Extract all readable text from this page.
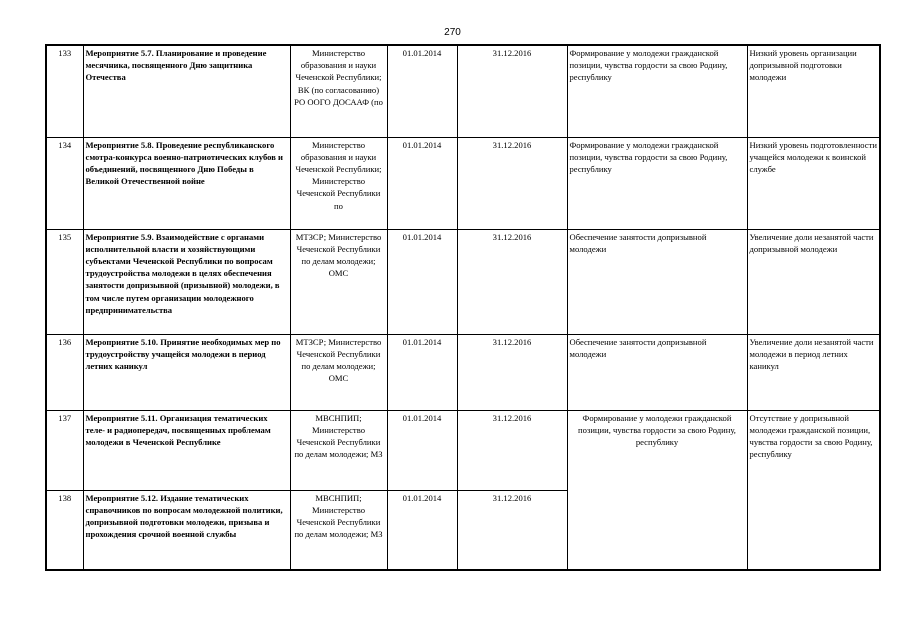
270
133	Мероприятие 5.7. Планирование и проведение месячника, посвященного Дню защитника Отечества	Министерство образования и науки Чеченской Республики; ВК (по согласованию) РО ООГО ДОСААФ (по	01.01.2014	31.12.2016	Формирование у молодежи гражданской позиции, чувства гордости за свою Родину, республику	Низкий уровень организации допризывной подготовки молодежи
134	Мероприятие 5.8. Проведение республиканского смотра-конкурса военно-патриотических клубов и объединений, посвященного Дню Победы в Великой Отечественной войне	Министерство образования и науки Чеченской Республики; Министерство Чеченской Республики по	01.01.2014	31.12.2016	Формирование у молодежи гражданской позиции, чувства гордости за свою Родину, республику	Низкий уровень подготовленности учащейся молодежи к воинской службе
135	Мероприятие 5.9. Взаимодействие с органами исполнительной власти и хозяйствующими субъектами Чеченской Республики по вопросам трудоустройства молодежи в целях обеспечения занятости допризывной (призывной) молодежи, в том числе путем организации молодежного предпринимательства	МТЗСР; Министерство Чеченской Республики по делам молодежи; ОМС	01.01.2014	31.12.2016	Обеспечение занятости допризывной молодежи	Увеличение доли незанятой части допризывной молодежи
136	Мероприятие 5.10. Принятие необходимых мер по трудоустройству учащейся молодежи в период летних каникул	МТЗСР; Министерство Чеченской Республики по делам молодежи; ОМС	01.01.2014	31.12.2016	Обеспечение занятости допризывной молодежи	Увеличение доли незанятой части молодежи в период летних каникул
137	Мероприятие 5.11. Организация тематических теле- и радиопередач, посвященных проблемам молодежи в Чеченской Республике	МВСНПИП; Министерство Чеченской Республики по делам молодежи; МЗ	01.01.2014	31.12.2016	Формирование у молодежи гражданской позиции, чувства гордости за свою Родину, республику	Отсутствие у допризывной молодежи гражданской позиции, чувства гордости за свою Родину, республику
138	Мероприятие 5.12. Издание тематических справочников по вопросам молодежной политики, допризывной подготовки молодежи, призыва и прохождения срочной военной службы	МВСНПИП; Министерство Чеченской Республики по делам молодежи; МЗ	01.01.2014	31.12.2016		
